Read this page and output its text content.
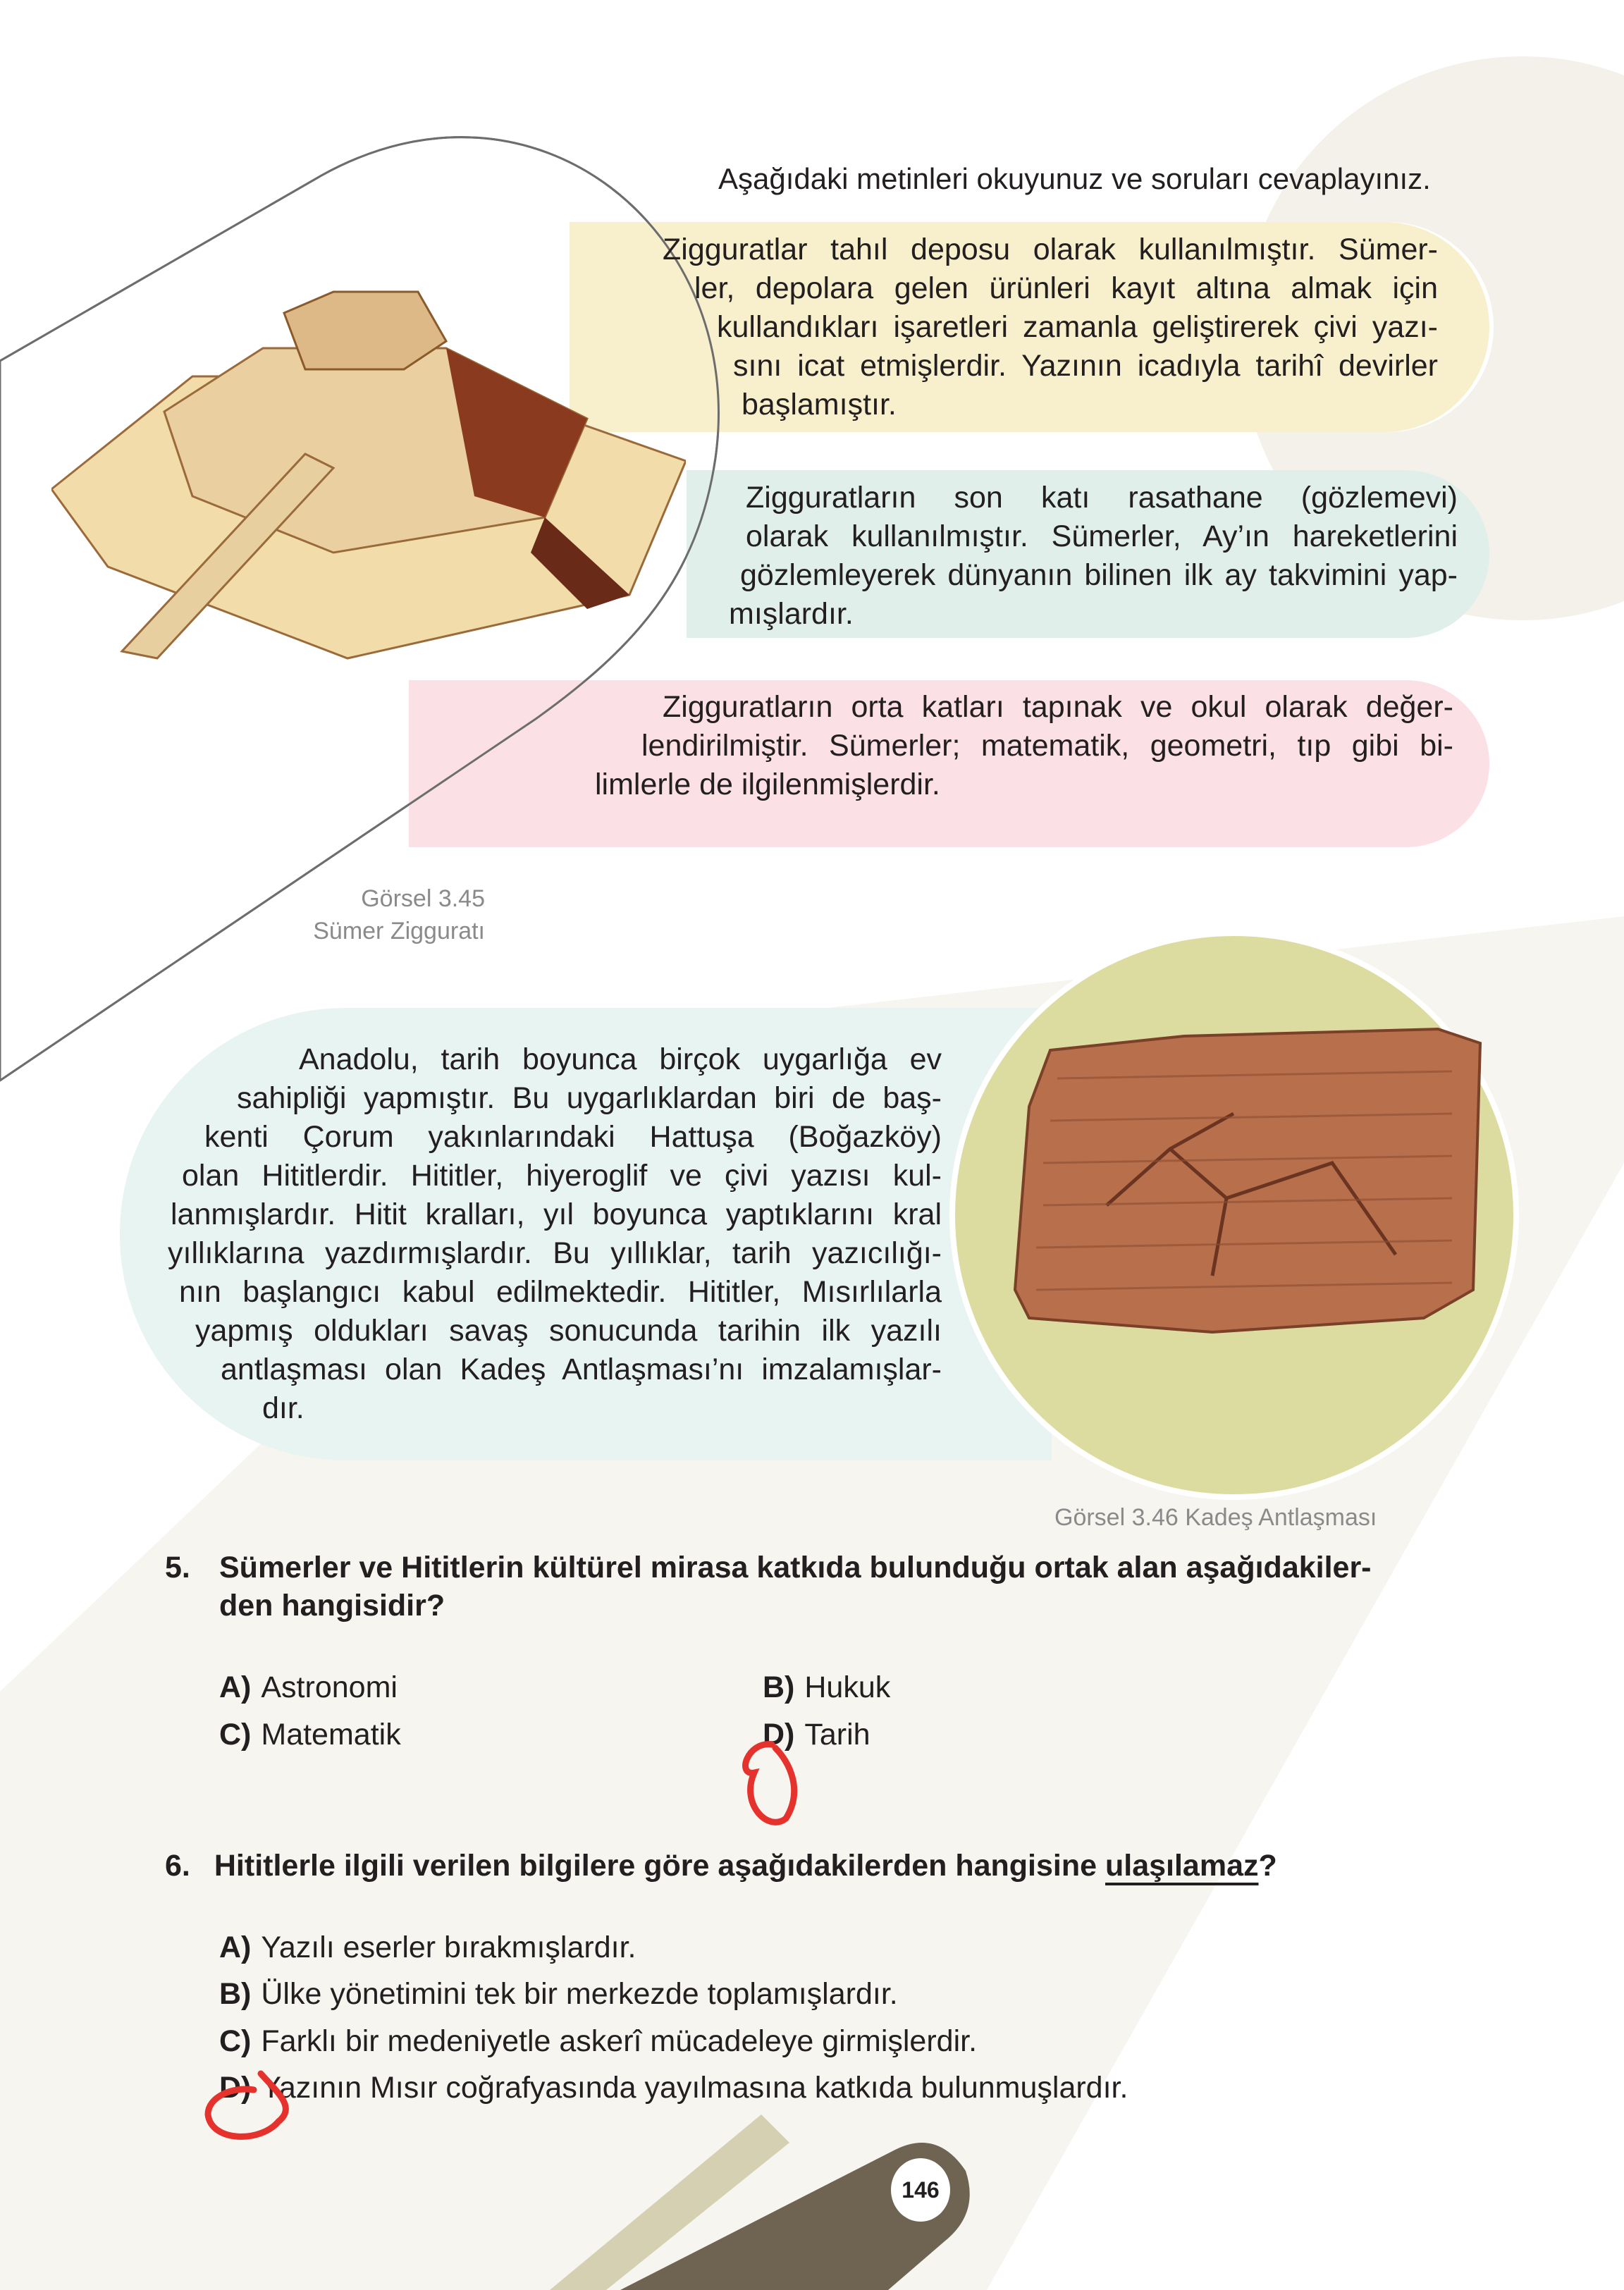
Aşağıdaki metinleri okuyunuz ve soruları cevaplayınız.
Görsel 3.45
Sümer Zigguratı
Görsel 3.46 Kadeş Antlaşması
Zigguratlar tahıl deposu olarak kullanılmıştır. Sümer-
ler, depolara gelen ürünleri kayıt altına almak için
kullandıkları işaretleri zamanla geliştirerek çivi yazı-
sını icat etmişlerdir. Yazının icadıyla tarihî devirler
başlamıştır.
Zigguratların son katı rasathane (gözlemevi)
olarak kullanılmıştır. Sümerler, Ay’ın hareketlerini
gözlemleyerek dünyanın bilinen ilk ay takvimini yap-
mışlardır.
Zigguratların orta katları tapınak ve okul olarak değer-
lendirilmiştir. Sümerler; matematik, geometri, tıp gibi bi-
limlerle de ilgilenmişlerdir.
Anadolu, tarih boyunca birçok uygarlığa ev
sahipliği yapmıştır. Bu uygarlıklardan biri de baş-
kenti Çorum yakınlarındaki Hattuşa (Boğazköy)
olan Hititlerdir. Hititler, hiyeroglif ve çivi yazısı kul-
lanmışlardır. Hitit kralları, yıl boyunca yaptıklarını kral
yıllıklarına yazdırmışlardır. Bu yıllıklar, tarih yazıcılığı-
nın başlangıcı kabul edilmektedir. Hititler, Mısırlılarla
yapmış oldukları savaş sonucunda tarihin ilk yazılı
antlaşması olan Kadeş Antlaşması’nı imzalamışlar-
dır.
5. Sümerler ve Hititlerin kültürel mirasa katkıda bulunduğu ortak alan aşağıdakiler-
den hangisidir?
A) Astronomi	B) Hukuk
C) Matematik	D) Tarih
6. Hititlerle ilgili verilen bilgilere göre aşağıdakilerden hangisine ulaşılamaz?
A) Yazılı eserler bırakmışlardır.
B) Ülke yönetimini tek bir merkezde toplamışlardır.
C) Farklı bir medeniyetle askerî mücadeleye girmişlerdir.
D) Yazının Mısır coğrafyasında yayılmasına katkıda bulunmuşlardır.
146
